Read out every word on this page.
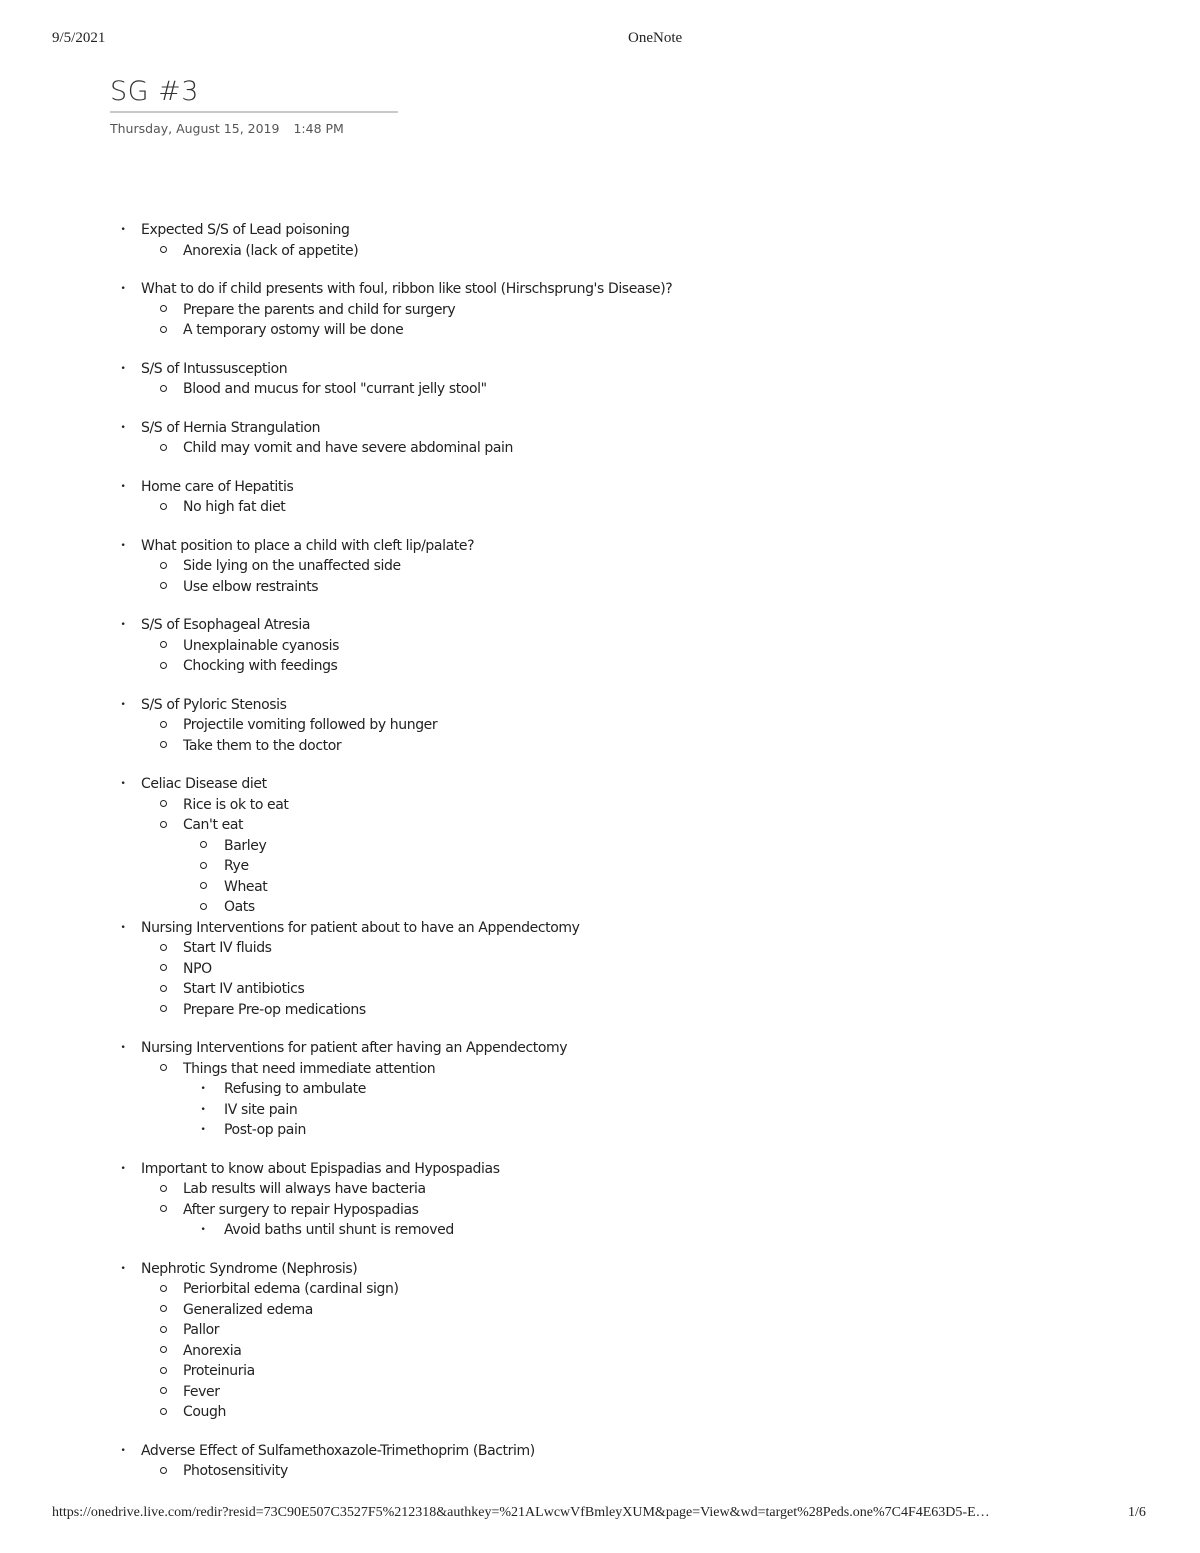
9/5/2021	OneNote
SG #3
Thursday, August 15, 2019 1:48 PM
•	Expected S/S of Lead poisoning
Anorexia (lack of appetite)
•	What to do if child presents with foul, ribbon like stool (Hirschsprung's Disease)?
Prepare the parents and child for surgery
A temporary ostomy will be done
•	S/S of Intussusception
Blood and mucus for stool "currant jelly stool"
•	S/S of Hernia Strangulation
Child may vomit and have severe abdominal pain
•	Home care of Hepatitis
No high fat diet
•	What position to place a child with cleft lip/palate?
Side lying on the unaffected side
Use elbow restraints
•	S/S of Esophageal Atresia
Unexplainable cyanosis
Chocking with feedings
•	S/S of Pyloric Stenosis
Projectile vomiting followed by hunger
Take them to the doctor
•	Celiac Disease diet
Rice is ok to eat
Can't eat
Barley
Rye
Wheat
Oats
•	Nursing Interventions for patient about to have an Appendectomy
Start IV fluids
NPO
Start IV antibiotics
Prepare Pre-op medications
•	Nursing Interventions for patient after having an Appendectomy
Things that need immediate attention
•	Refusing to ambulate
•	IV site pain
•	Post-op pain
•	Important to know about Epispadias and Hypospadias
Lab results will always have bacteria
After surgery to repair Hypospadias
•	Avoid baths until shunt is removed
•	Nephrotic Syndrome (Nephrosis)
Periorbital edema (cardinal sign)
Generalized edema
Pallor
Anorexia
Proteinuria
Fever
Cough
•	Adverse Effect of Sulfamethoxazole-Trimethoprim (Bactrim)
Photosensitivity
https://onedrive.live.com/redir?resid=73C90E507C3527F5%212318&authkey=%21ALwcwVfBmleyXUM&page=View&wd=target%28Peds.one%7C4F4E63D5-E…	1/6
